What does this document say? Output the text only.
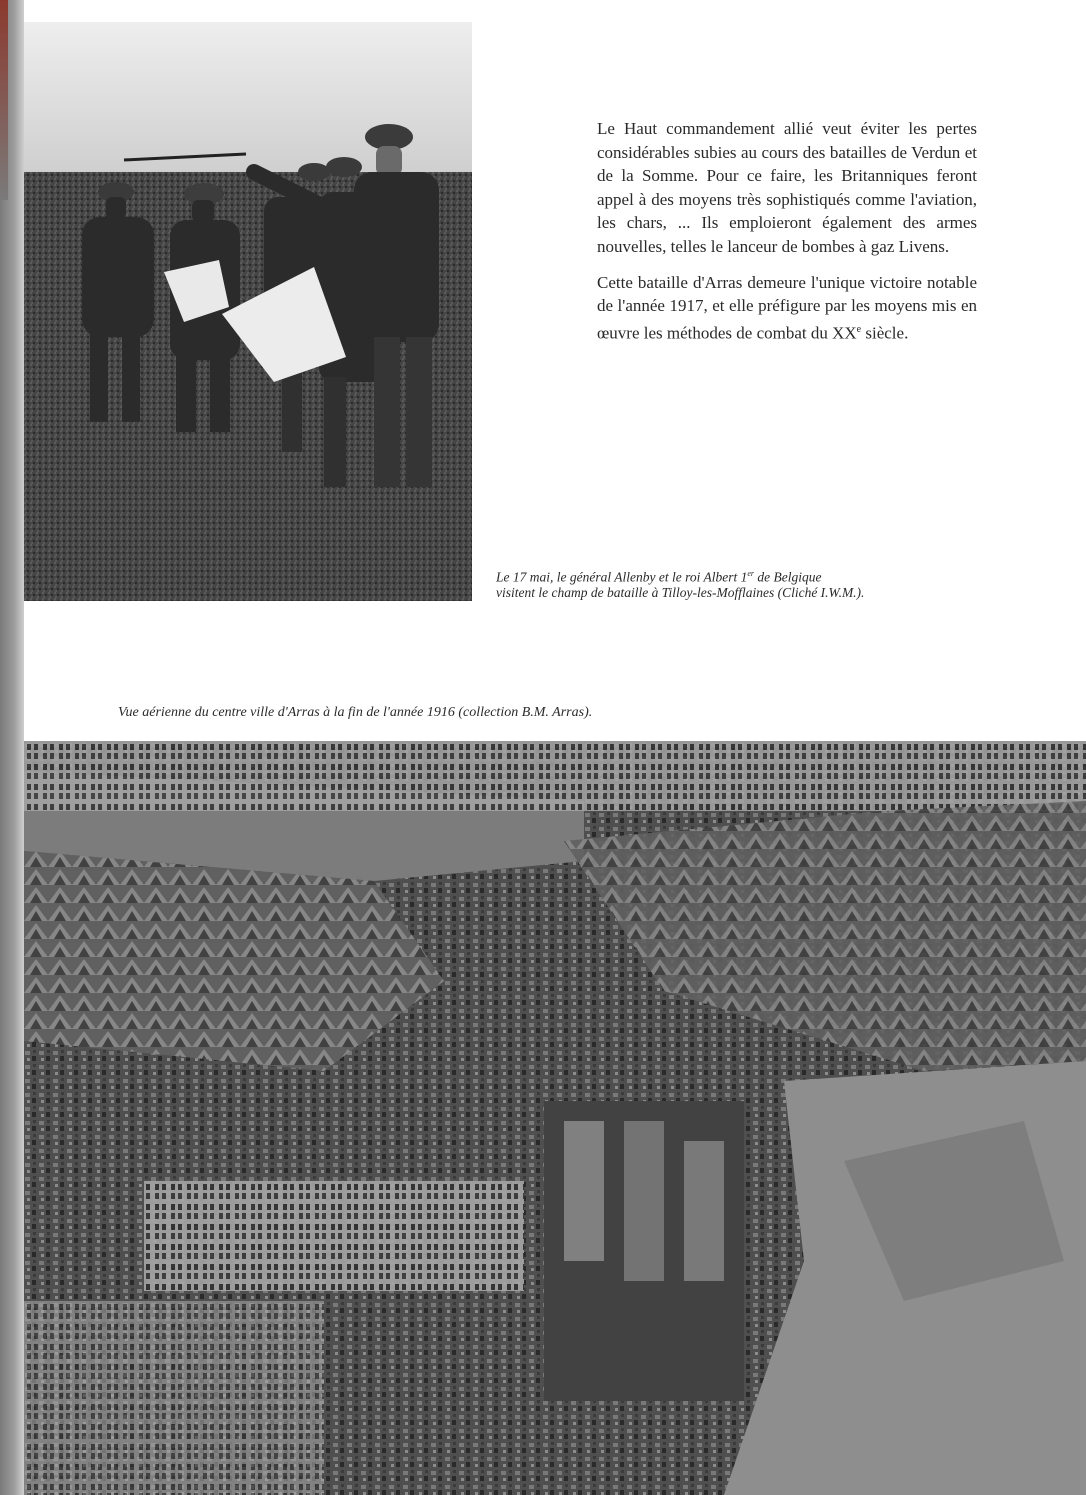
Le Haut commandement allié veut éviter les pertes considérables subies au cours des batailles de Verdun et de la Somme. Pour ce faire, les Britanniques feront appel à des moyens très sophistiqués comme l'aviation, les chars, ... Ils emploieront également des armes nouvelles, telles le lanceur de bombes à gaz Livens.

Cette bataille d'Arras demeure l'unique victoire notable de l'année 1917, et elle préfigure par les moyens mis en œuvre les méthodes de combat du XXe siècle.

Le 17 mai, le général Allenby et le roi Albert 1er de Belgique
visitent le champ de bataille à Tilloy-les-Mofflaines (Cliché I.W.M.).
Vue aérienne du centre ville d'Arras à la fin de l'année 1916 (collection B.M. Arras).
